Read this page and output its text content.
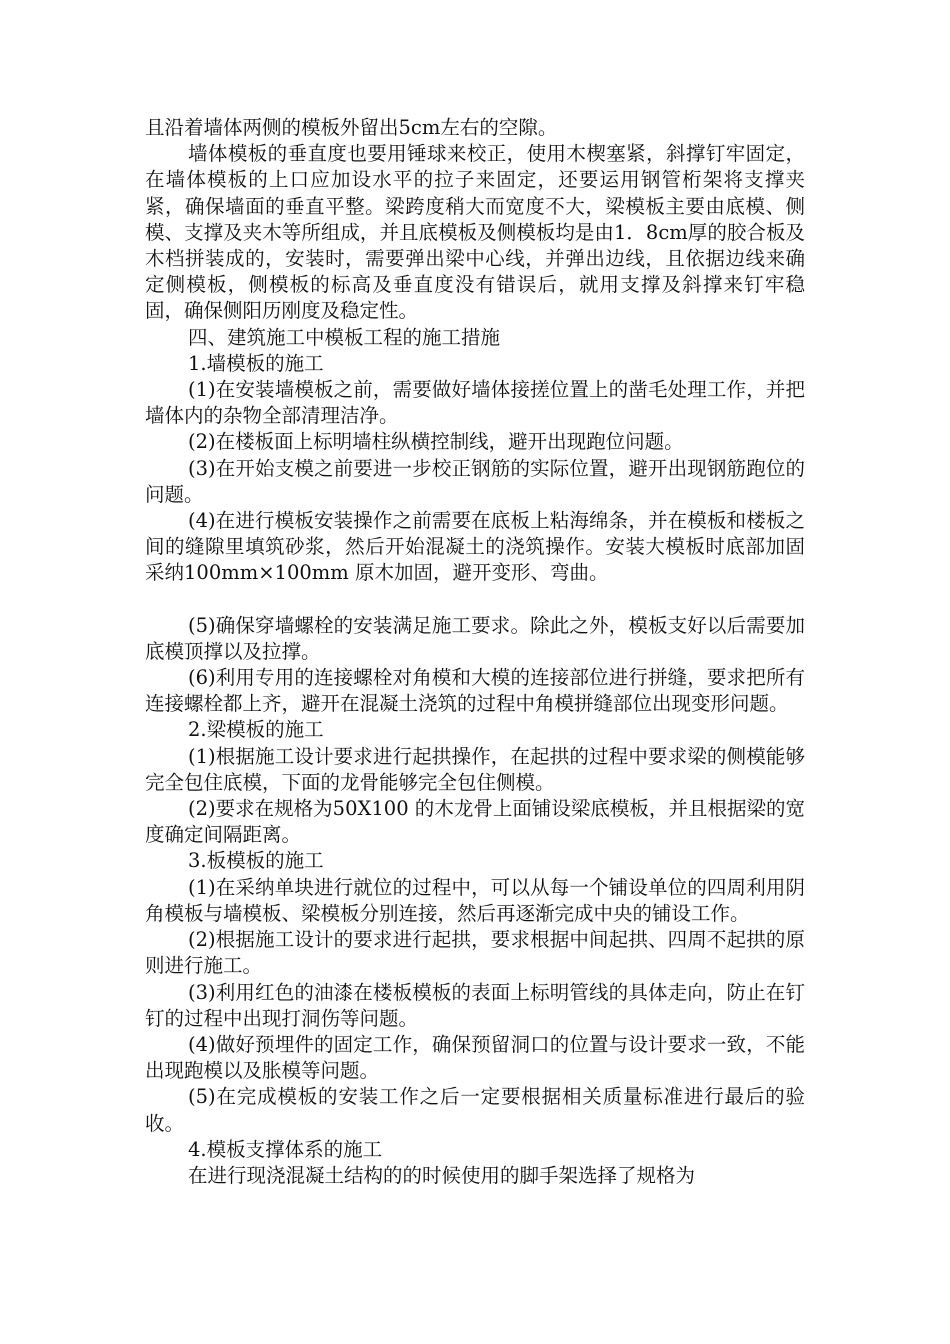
且沿着墙体两侧的模板外留出5cm左右的空隙。

墙体模板的垂直度也要用锤球来校正，使用木楔塞紧，斜撑钉牢固定，在墙体模板的上口应加设水平的拉子来固定，还要运用钢管桁架将支撑夹紧，确保墙面的垂直平整。梁跨度稍大而宽度不大，梁模板主要由底模、侧模、支撑及夹木等所组成，并且底模板及侧模板均是由1．8cm厚的胶合板及木档拼装成的，安装时，需要弹出梁中心线，并弹出边线，且依据边线来确定侧模板，侧模板的标高及垂直度没有错误后，就用支撑及斜撑来钉牢稳固，确保侧阳历刚度及稳定性。

四、建筑施工中模板工程的施工措施

1.墙模板的施工

(1)在安装墙模板之前，需要做好墙体接搓位置上的凿毛处理工作，并把墙体内的杂物全部清理洁净。

(2)在楼板面上标明墙柱纵横控制线，避开出现跑位问题。

(3)在开始支模之前要进一步校正钢筋的实际位置，避开出现钢筋跑位的问题。

(4)在进行模板安装操作之前需要在底板上粘海绵条，并在模板和楼板之间的缝隙里填筑砂浆，然后开始混凝土的浇筑操作。安装大模板时底部加固采纳100mm×100mm 原木加固，避开变形、弯曲。

(5)确保穿墙螺栓的安装满足施工要求。除此之外，模板支好以后需要加底模顶撑以及拉撑。

(6)利用专用的连接螺栓对角模和大模的连接部位进行拼缝，要求把所有连接螺栓都上齐，避开在混凝土浇筑的过程中角模拼缝部位出现变形问题。

2.梁模板的施工

(1)根据施工设计要求进行起拱操作，在起拱的过程中要求梁的侧模能够完全包住底模，下面的龙骨能够完全包住侧模。

(2)要求在规格为50X100 的木龙骨上面铺设梁底模板，并且根据梁的宽度确定间隔距离。

3.板模板的施工

(1)在采纳单块进行就位的过程中，可以从每一个铺设单位的四周利用阴角模板与墙模板、梁模板分别连接，然后再逐渐完成中央的铺设工作。

(2)根据施工设计的要求进行起拱，要求根据中间起拱、四周不起拱的原则进行施工。

(3)利用红色的油漆在楼板模板的表面上标明管线的具体走向，防止在钉钉的过程中出现打洞伤等问题。

(4)做好预埋件的固定工作，确保预留洞口的位置与设计要求一致，不能出现跑模以及胀模等问题。

(5)在完成模板的安装工作之后一定要根据相关质量标准进行最后的验收。

4.模板支撑体系的施工

在进行现浇混凝土结构的的时候使用的脚手架选择了规格为
